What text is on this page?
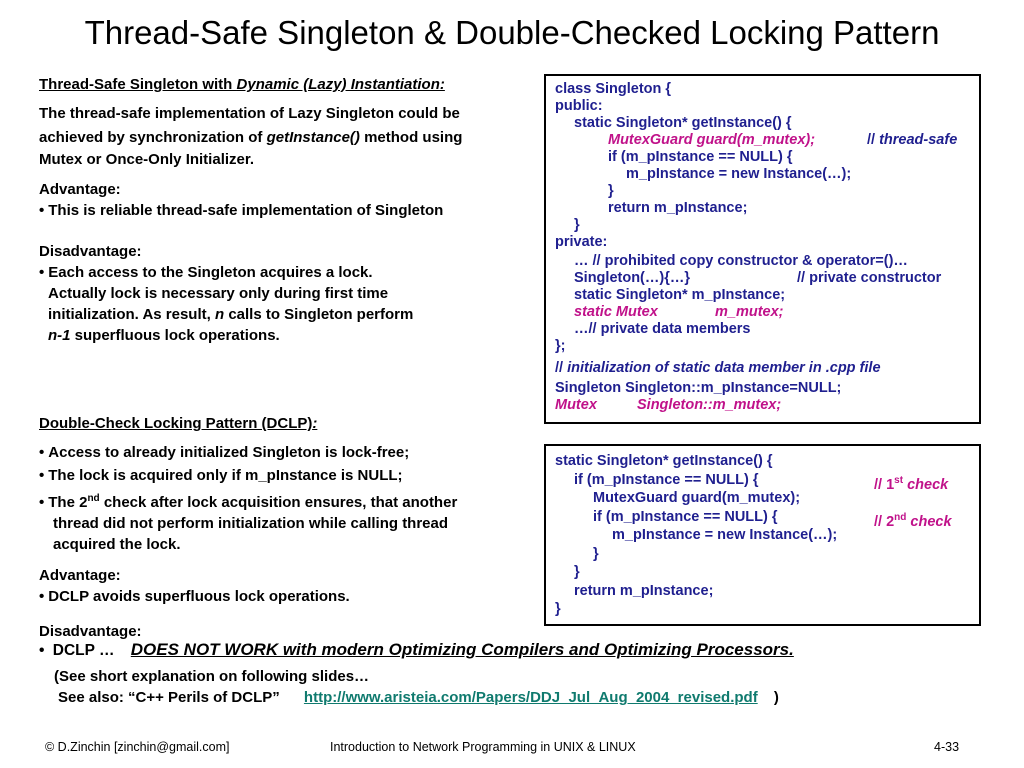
Thread-Safe Singleton & Double-Checked Locking Pattern

Thread-Safe Singleton with Dynamic (Lazy) Instantiation:

The thread-safe implementation of Lazy Singleton could be

achieved by synchronization of getInstance() method using

Mutex or Once-Only Initializer.

Advantage:

• This is reliable thread-safe implementation of Singleton

Disadvantage:

• Each access to the Singleton acquires a lock.

Actually lock is necessary only during first time

initialization. As result, n calls to Singleton perform

n-1 superfluous lock operations.

Double-Check Locking Pattern (DCLP):

• Access to already initialized Singleton is lock-free;

• The lock is acquired only if m_pInstance is NULL;

• The 2nd check after lock acquisition ensures, that another

thread did not perform initialization while calling thread

acquired the lock.

Advantage:

• DCLP avoids superfluous lock operations.

Disadvantage:

• DCLP … DOES NOT WORK with modern Optimizing Compilers and Optimizing Processors.
(See short explanation on following slides…
See also: “C++ Perils of DCLP” http://www.aristeia.com/Papers/DDJ_Jul_Aug_2004_revised.pdf )
class Singleton {
public:
static Singleton* getInstance() {
MutexGuard guard(m_mutex);	// thread-safe
if (m_pInstance == NULL) {
m_pInstance = new Instance(…);
}
return m_pInstance;
}
private:
… // prohibited copy constructor & operator=()…
Singleton(…){…}	// private constructor
static Singleton* m_pInstance;
static Mutex	m_mutex;
…// private data members
};
// initialization of static data member in .cpp file
Singleton Singleton::m_pInstance=NULL;
Mutex	Singleton::m_mutex;
static Singleton* getInstance() {
if (m_pInstance == NULL) {	// 1st check
MutexGuard guard(m_mutex);
if (m_pInstance == NULL) {	// 2nd check
m_pInstance = new Instance(…);
}
}
return m_pInstance;
}
© D.Zinchin [zinchin@gmail.com]	Introduction to Network Programming in UNIX & LINUX	4-33
